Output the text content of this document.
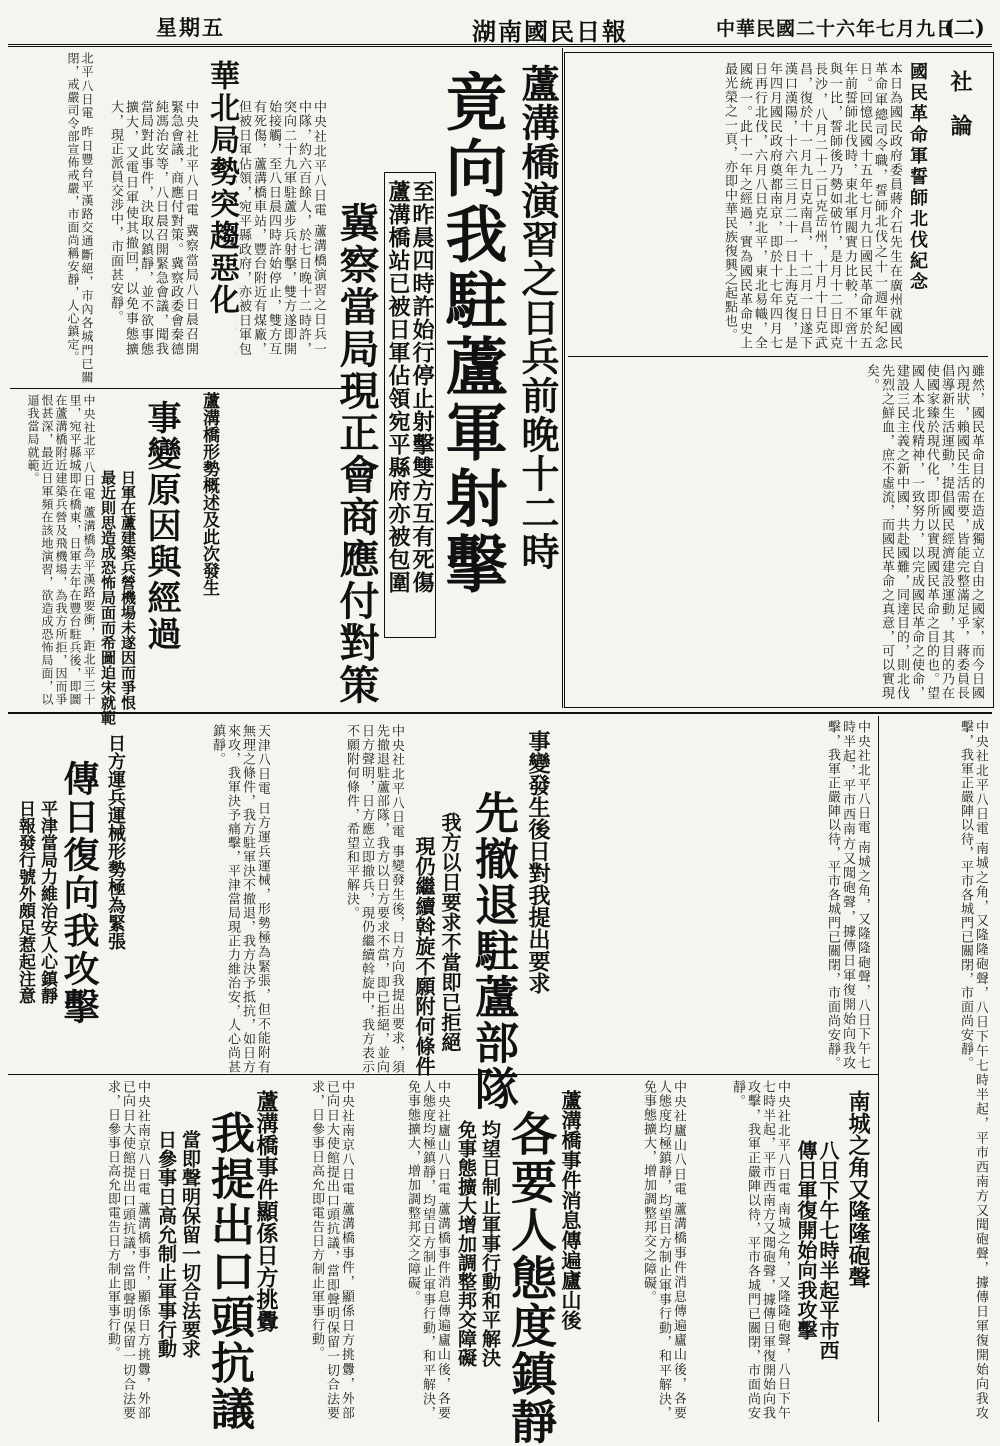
(二)
中華民國二十六年七月九日
湖南國民日報
星期五
社論
國民革命軍誓師北伐紀念
本日為國民政府委員蔣介石先生在廣州就國民革命軍總司令職，誓師北伐之十一週年紀念日。回憶民國十五年七月九日國民革命軍於五年前誓師北伐時，東北軍閥實力比較，不啻十與一比，誓師後乃勢如破竹，是月十二日即克長沙，八月二十二日克岳州，十月十日克武昌，復於十一月九日克南昌，十二月一日遂下漢口漢陽，十六年三月二十一日上海克復，是年四月國民政府奠都南京，即於十七年四月七日再行北伐，六月八日克北平，東北易幟，全國統一。此十一年之經過，實為國民革命史上最光榮之一頁，亦即中華民族復興之起點也。
雖然，國民革命目的在造成獨立自由之國家，而今日國內現狀，賴國民生活需要，皆能完整滿足乎，蔣委員長倡導新生活運動，提倡國民經濟建設運動，其目的乃在使國家臻於現代化，即所以實現國民革命之目的也。望國人本北伐精神，一致努力，以完成國民革命之使命，建設三民主義之新中國，共赴國難，同達目的，則北伐先烈之鮮血，庶不虛流，而國民革命之真意，可以實現矣。
華北局勢突趨惡化	蘆溝橋演習之日兵前晚十二時
竟向我駐蘆軍射擊
至昨晨四時許始行停止射擊雙方互有死傷
蘆溝橋站已被日軍佔領宛平縣府亦被包圍
冀察當局現正會商應付對策
中央社北平八日電 蘆溝橋演習之日兵一中隊，約六百餘人，於七日晚十二時許，突向二十九軍駐蘆步兵射擊，雙方遂即開始接觸，至八日晨四時許始停止，雙方互有死傷，蘆溝橋車站，豐台附近有煤廠，但被日軍佔領，宛平縣政府，亦被日軍包
中央社北平八日電 冀察當局八日晨召開緊急會議，商應付對策。冀察政委會秦德純馮治安等，八日晨召開緊急會議，聞我當局對此事件，決取以鎮靜，並不欲事態擴大，又電日軍使其撤回，以免事態擴大，現正派員交涉中，市面甚安靜。
北平八日電 昨日豐台平漢路交通斷絕，市內各城門已關閉，戒嚴司令部宣佈戒嚴，市面尚稱安靜，人心鎮定。
事變原因與經過 蘆溝橋形勢概述及此次發生
日軍在蘆建築兵營機場未遂因而爭恨
最近則思造成恐怖局面而希圖迫宋就範
中央社北平八日電 蘆溝橋為平漢路要衝，距北平三十里，宛平縣城即在橋東，日軍去年在豐台駐兵後，即圖在蘆溝橋附近建築兵營及飛機場，為我方所拒，因而爭恨甚深，最近日軍頻在該地演習，欲造成恐怖局面，以逼我當局就範。
南城之角又隆隆砲聲
八日下午七時半起平市西
傳日軍復開始向我攻擊	中央社北平八日電 南城之角，又隆隆砲聲，八日下午七時半起，平市西南方又聞砲聲，據傳日軍復開始向我攻擊，我軍正嚴陣以待，平市各城門已關閉，市面尚安靜。
中央社北平八日電 南城之角，又隆隆砲聲，八日下午七時半起，平市西南方又聞砲聲，據傳日軍復開始向我攻擊，我軍正嚴陣以待，平市各城門已關閉，市面尚安靜。
中央社北平八日電 南城之角，又隆隆砲聲，八日下午七時半起，平市西南方又聞砲聲，據傳日軍復開始向我攻擊，我軍正嚴陣以待，平市各城門已關閉，市面尚安靜。
蘆溝橋事件消息傳遍廬山後
各要人態度鎮靜
均望日制止軍事行動和平解決
免事態擴大增加調整邦交障礙	中央社廬山八日電 蘆溝橋事件消息傳遍廬山後，各要人態度均極鎮靜，均望日方制止軍事行動，和平解決，免事態擴大，增加調整邦交之障礙。
中央社廬山八日電 蘆溝橋事件消息傳遍廬山後，各要人態度均極鎮靜，均望日方制止軍事行動，和平解決，免事態擴大，增加調整邦交之障礙。
事變發生後日對我提出要求
先撤退駐蘆部隊
我方以日要求不當即已拒絕
現仍繼續斡旋不願附何條件
中央社北平八日電 事變發生後，日方向我提出要求，須先撤退駐蘆部隊，我方以日方要求不當，即已拒絕，並向日方聲明，日方應立即撤兵，現仍繼續斡旋中，我方表示不願附何條件，希望和平解決。
蘆溝橋事件顯係日方挑釁
我提出口頭抗議
當即聲明保留一切合法要求
日參事日高允制止軍事行動	中央社南京八日電 蘆溝橋事件，顯係日方挑釁，外部已向日大使館提出口頭抗議，當即聲明保留一切合法要求，日參事日高允即電告日方制止軍事行動。
中央社南京八日電 蘆溝橋事件，顯係日方挑釁，外部已向日大使館提出口頭抗議，當即聲明保留一切合法要求，日參事日高允即電告日方制止軍事行動。
傳日復向我攻擊 日方運兵運械形勢極為緊張
平津當局力維治安人心鎮靜
日報發行號外頗足惹起注意	天津八日電 日方運兵運械，形勢極為緊張，但不能附有無理之條件，我方駐軍決不撤退，我方決予抵抗，如日方來攻，我軍決予痛擊，平津當局現正力維治安，人心尚甚鎮靜。
